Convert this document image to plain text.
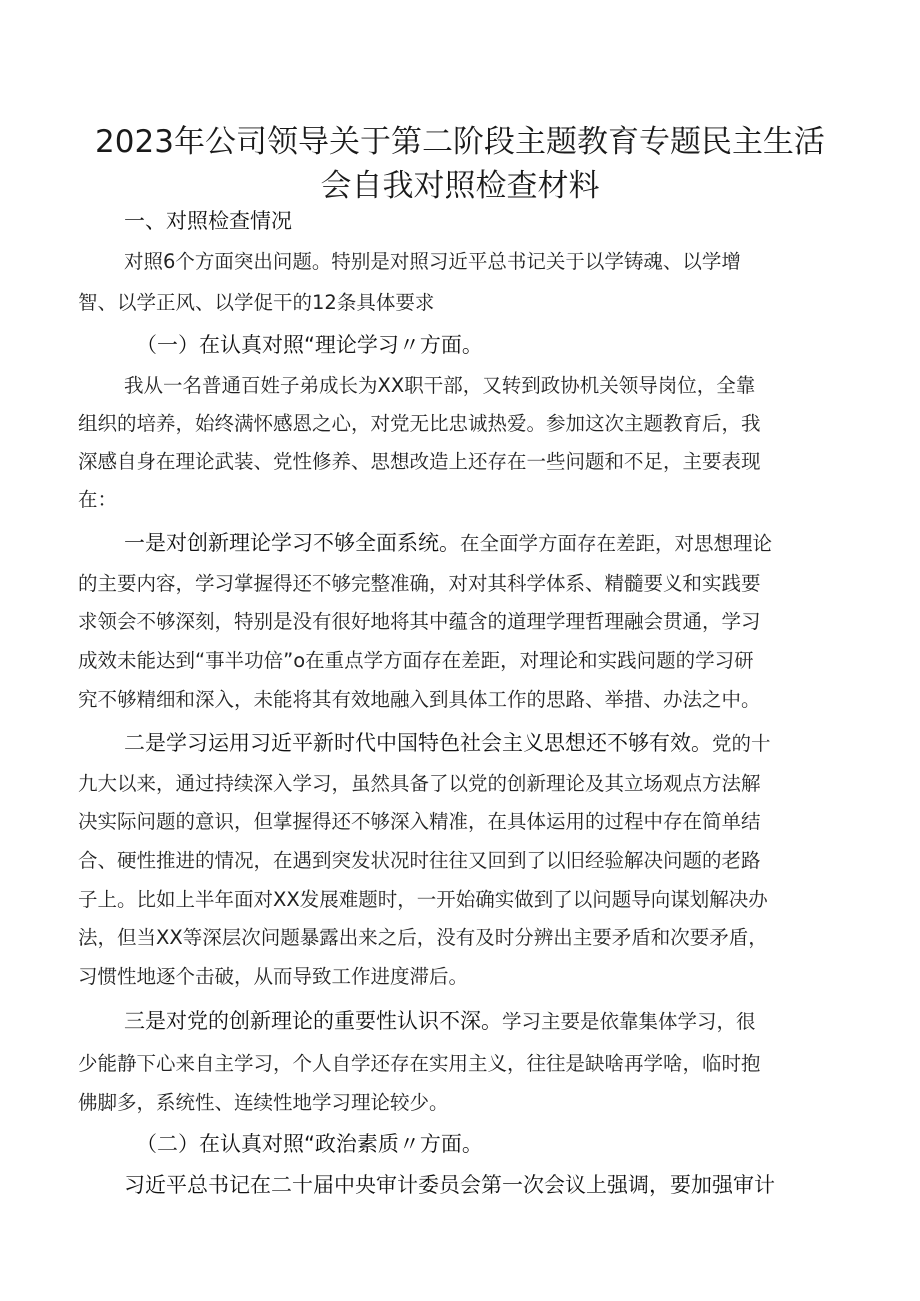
2023年公司领导关于第二阶段主题教育专题民主生活
会自我对照检查材料
一、对照检查情况
对照6个方面突出问题。特别是对照习近平总书记关于以学铸魂、以学增
智、以学正风、以学促干的12条具体要求
（一）在认真对照“理论学习〃方面。
我从一名普通百姓子弟成长为XX职干部，又转到政协机关领导岗位，全靠
组织的培养，始终满怀感恩之心，对党无比忠诚热爱。参加这次主题教育后，我
深感自身在理论武装、党性修养、思想改造上还存在一些问题和不足，主要表现
在：
一是对创新理论学习不够全面系统。在全面学方面存在差距，对思想理论
的主要内容，学习掌握得还不够完整准确，对对其科学体系、精髓要义和实践要
求领会不够深刻，特别是没有很好地将其中蕴含的道理学理哲理融会贯通，学习
成效未能达到“事半功倍”o在重点学方面存在差距，对理论和实践问题的学习研
究不够精细和深入，未能将其有效地融入到具体工作的思路、举措、办法之中。
二是学习运用习近平新时代中国特色社会主义思想还不够有效。党的十
九大以来，通过持续深入学习，虽然具备了以党的创新理论及其立场观点方法解
决实际问题的意识，但掌握得还不够深入精准，在具体运用的过程中存在简单结
合、硬性推进的情况，在遇到突发状况时往往又回到了以旧经验解决问题的老路
子上。比如上半年面对XX发展难题时，一开始确实做到了以问题导向谋划解决办
法，但当XX等深层次问题暴露出来之后，没有及时分辨出主要矛盾和次要矛盾，
习惯性地逐个击破，从而导致工作进度滞后。
三是对党的创新理论的重要性认识不深。学习主要是依靠集体学习，很
少能静下心来自主学习，个人自学还存在实用主义，往往是缺啥再学啥，临时抱
佛脚多，系统性、连续性地学习理论较少。
（二）在认真对照“政治素质〃方面。
习近平总书记在二十届中央审计委员会第一次会议上强调，要加强审计
